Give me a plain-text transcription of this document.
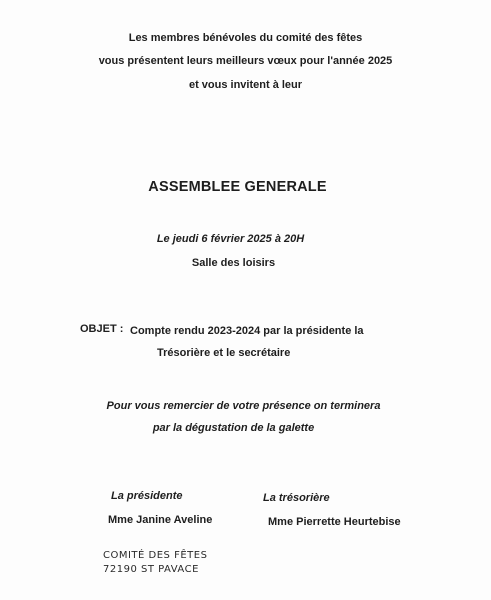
Les membres bénévoles du comité des fêtes
vous présentent leurs meilleurs vœux pour l'année 2025
et vous invitent à leur
ASSEMBLEE GENERALE
Le jeudi 6 février 2025 à 20H
Salle des loisirs
OBJET : Compte rendu 2023-2024 par la présidente la
Trésorière et le secrétaire
Pour vous remercier de votre présence on terminera
par la dégustation de la galette
La présidente
Mme Janine Aveline
La trésorière
Mme Pierrette Heurtebise
COMITÉ DES FÊTES
72190 ST PAVACE
